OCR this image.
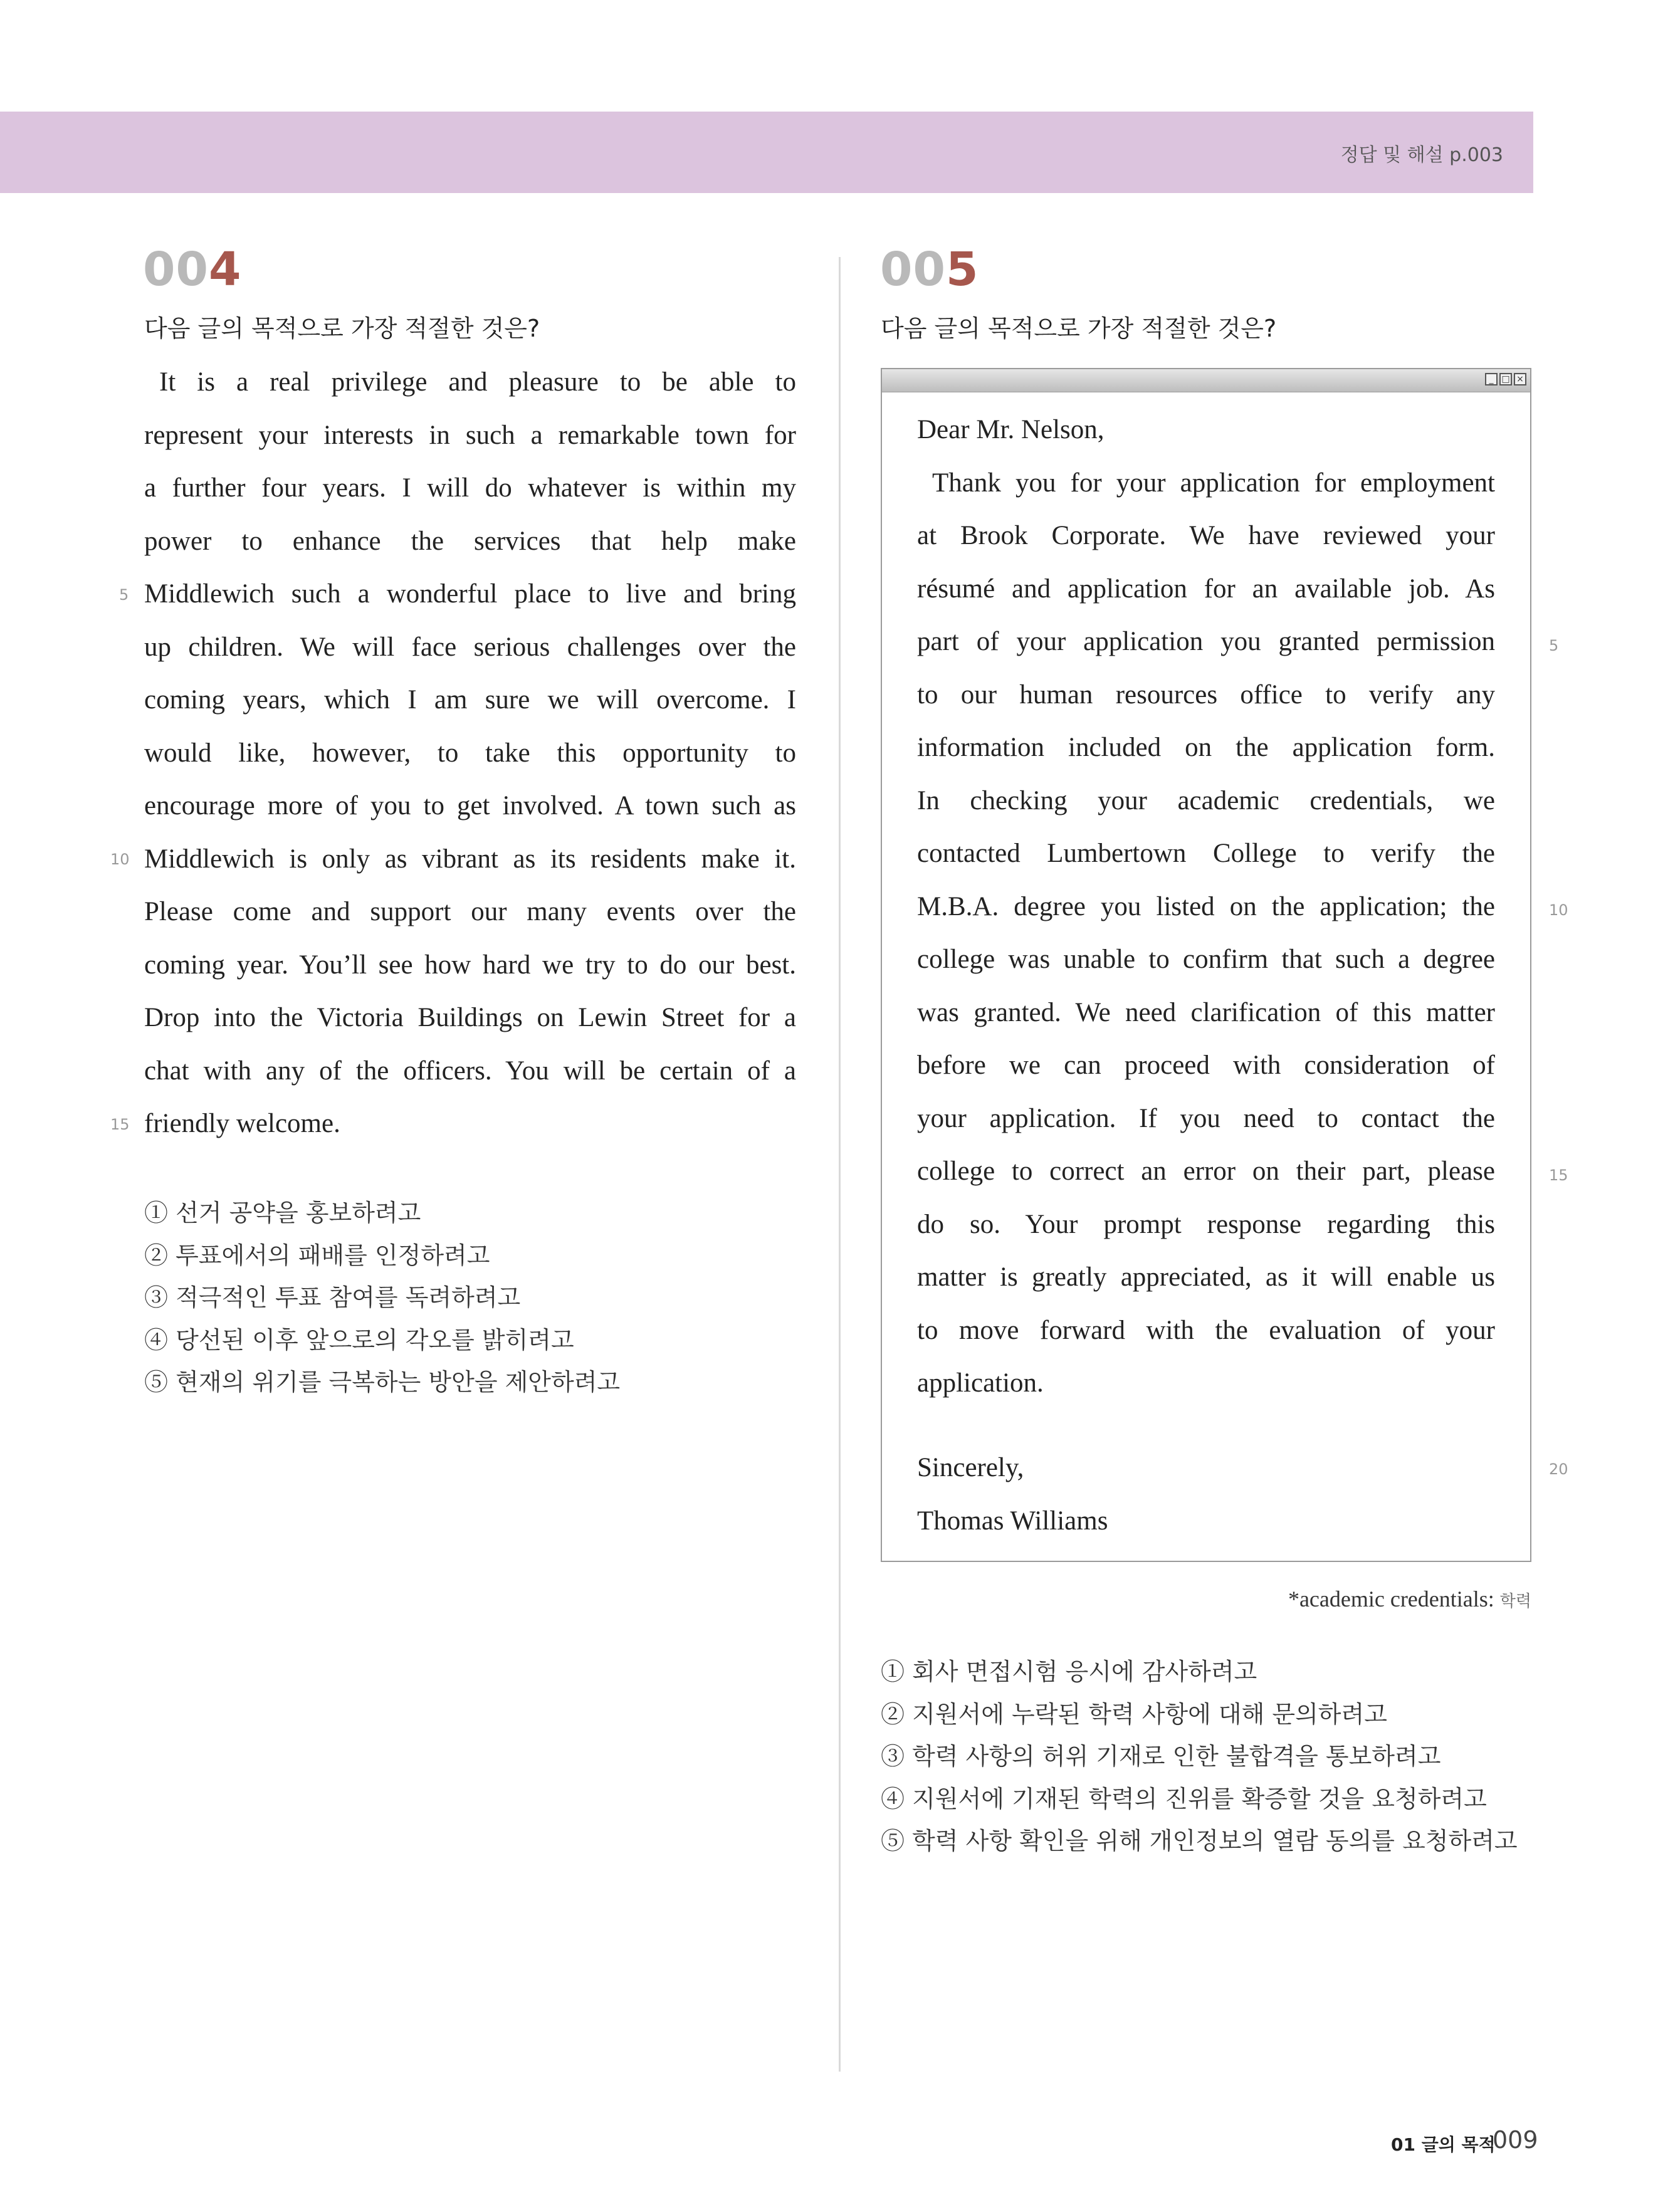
정답 및 해설 p.003
004
다음 글의 목적으로 가장 적절한 것은?
It is a real privilege and pleasure to be able to
represent your interests in such a remarkable town for
a further four years. I will do whatever is within my
power to enhance the services that help make
Middlewich such a wonderful place to live and bring
up children. We will face serious challenges over the
coming years, which I am sure we will overcome. I
would like, however, to take this opportunity to
encourage more of you to get involved. A town such as
Middlewich is only as vibrant as its residents make it.
Please come and support our many events over the
coming year. You’ll see how hard we try to do our best.
Drop into the Victoria Buildings on Lewin Street for a
chat with any of the officers. You will be certain of a
friendly welcome.
5
10
15
① 선거 공약을 홍보하려고
② 투표에서의 패배를 인정하려고
③ 적극적인 투표 참여를 독려하려고
④ 당선된 이후 앞으로의 각오를 밝히려고
⑤ 현재의 위기를 극복하는 방안을 제안하려고
005
다음 글의 목적으로 가장 적절한 것은?
_ □ ×
Dear Mr. Nelson,
Thank you for your application for employment
at Brook Corporate. We have reviewed your
résumé and application for an available job. As
part of your application you granted permission
to our human resources office to verify any
information included on the application form.
In checking your academic credentials, we
contacted Lumbertown College to verify the
M.B.A. degree you listed on the application; the
college was unable to confirm that such a degree
was granted. We need clarification of this matter
before we can proceed with consideration of
your application. If you need to contact the
college to correct an error on their part, please
do so. Your prompt response regarding this
matter is greatly appreciated, as it will enable us
to move forward with the evaluation of your
application.
Sincerely,
Thomas Williams
5
10
15
20
*academic credentials: 학력
① 회사 면접시험 응시에 감사하려고
② 지원서에 누락된 학력 사항에 대해 문의하려고
③ 학력 사항의 허위 기재로 인한 불합격을 통보하려고
④ 지원서에 기재된 학력의 진위를 확증할 것을 요청하려고
⑤ 학력 사항 확인을 위해 개인정보의 열람 동의를 요청하려고
01 글의 목적
009
